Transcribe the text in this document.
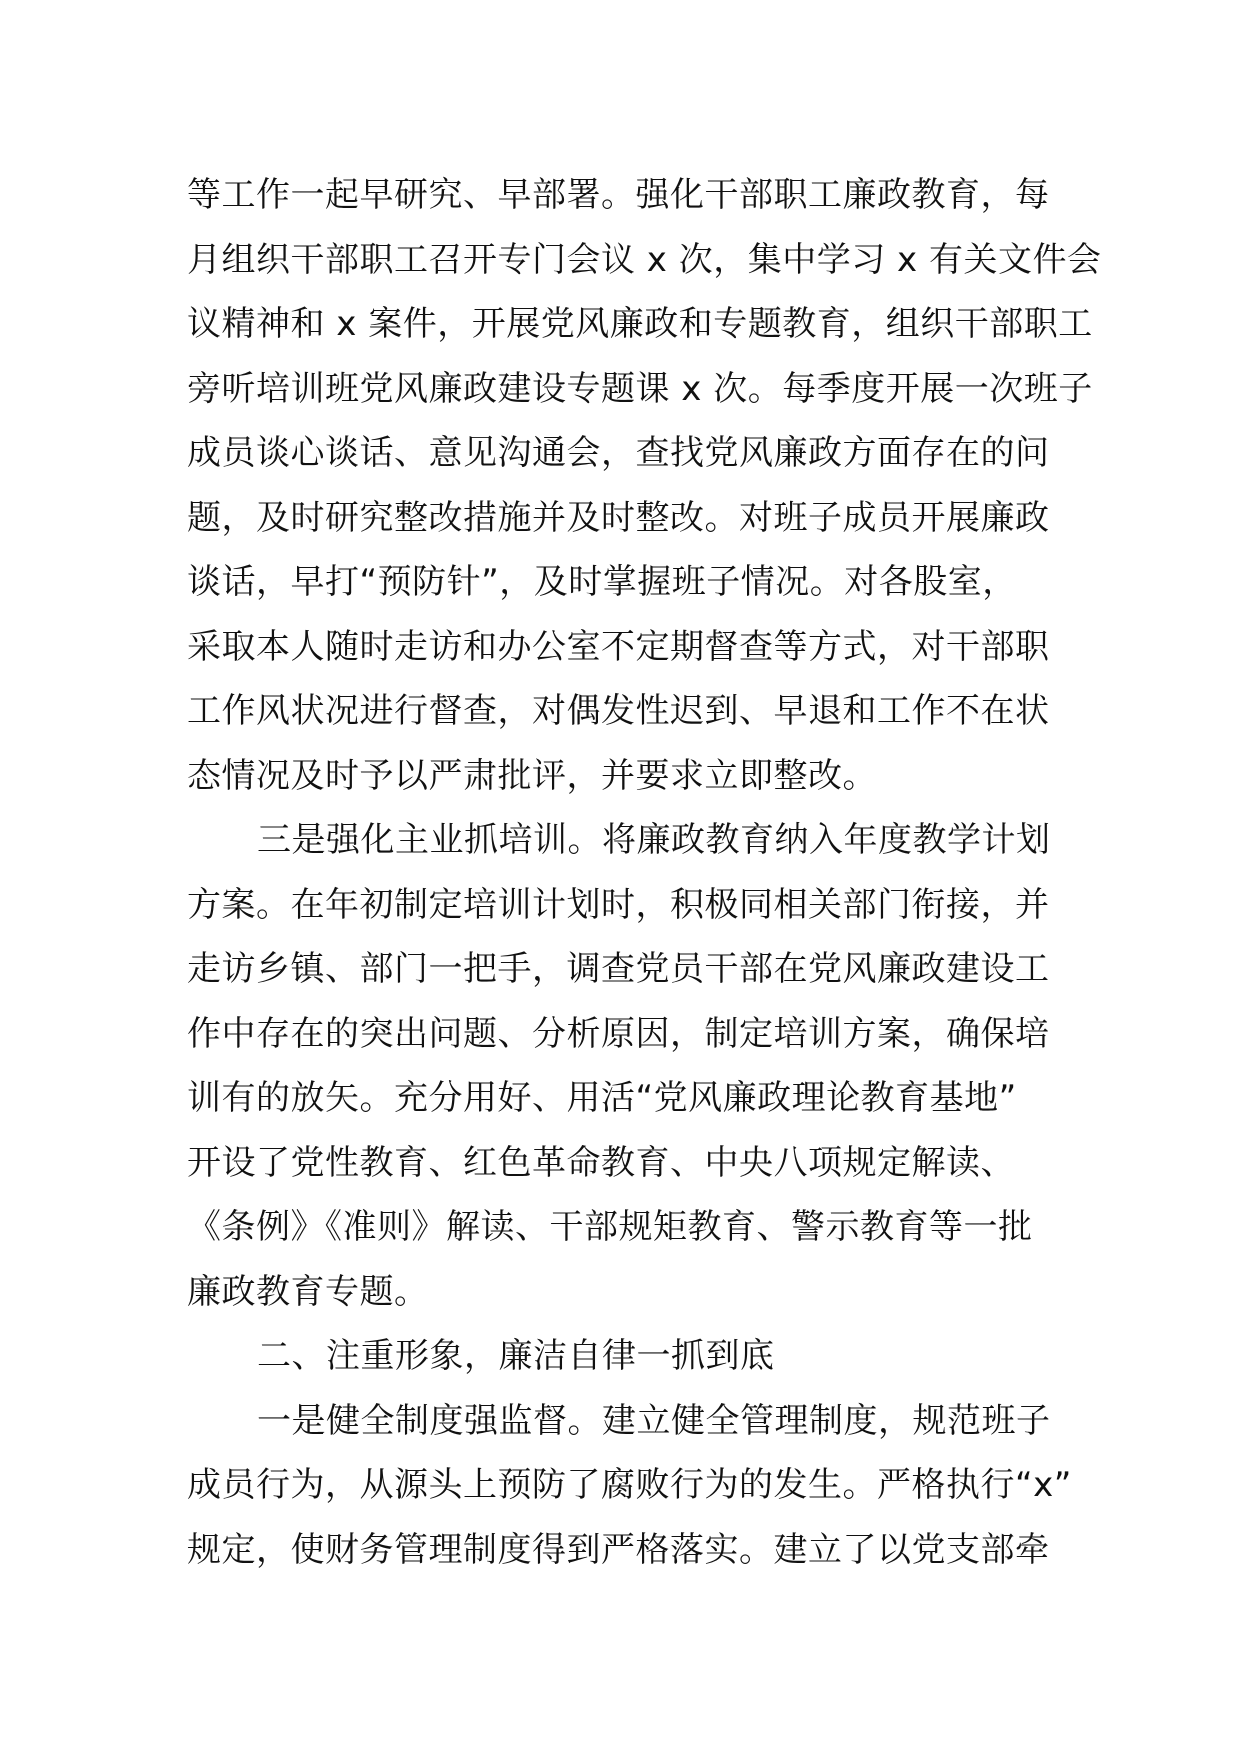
等工作一起早研究、早部署。强化干部职工廉政教育，每
月组织干部职工召开专门会议 x 次，集中学习 x 有关文件会
议精神和 x 案件，开展党风廉政和专题教育，组织干部职工
旁听培训班党风廉政建设专题课 x 次。每季度开展一次班子
成员谈心谈话、意见沟通会，查找党风廉政方面存在的问
题，及时研究整改措施并及时整改。对班子成员开展廉政
谈话，早打“预防针”，及时掌握班子情况。对各股室，
采取本人随时走访和办公室不定期督查等方式，对干部职
工作风状况进行督查，对偶发性迟到、早退和工作不在状
态情况及时予以严肃批评，并要求立即整改。
三是强化主业抓培训。将廉政教育纳入年度教学计划
方案。在年初制定培训计划时，积极同相关部门衔接，并
走访乡镇、部门一把手，调查党员干部在党风廉政建设工
作中存在的突出问题、分析原因，制定培训方案，确保培
训有的放矢。充分用好、用活“党风廉政理论教育基地”
开设了党性教育、红色革命教育、中央八项规定解读、
《条例》《准则》解读、干部规矩教育、警示教育等一批
廉政教育专题。
二、注重形象，廉洁自律一抓到底
一是健全制度强监督。建立健全管理制度，规范班子
成员行为，从源头上预防了腐败行为的发生。严格执行“x”
规定，使财务管理制度得到严格落实。建立了以党支部牵
